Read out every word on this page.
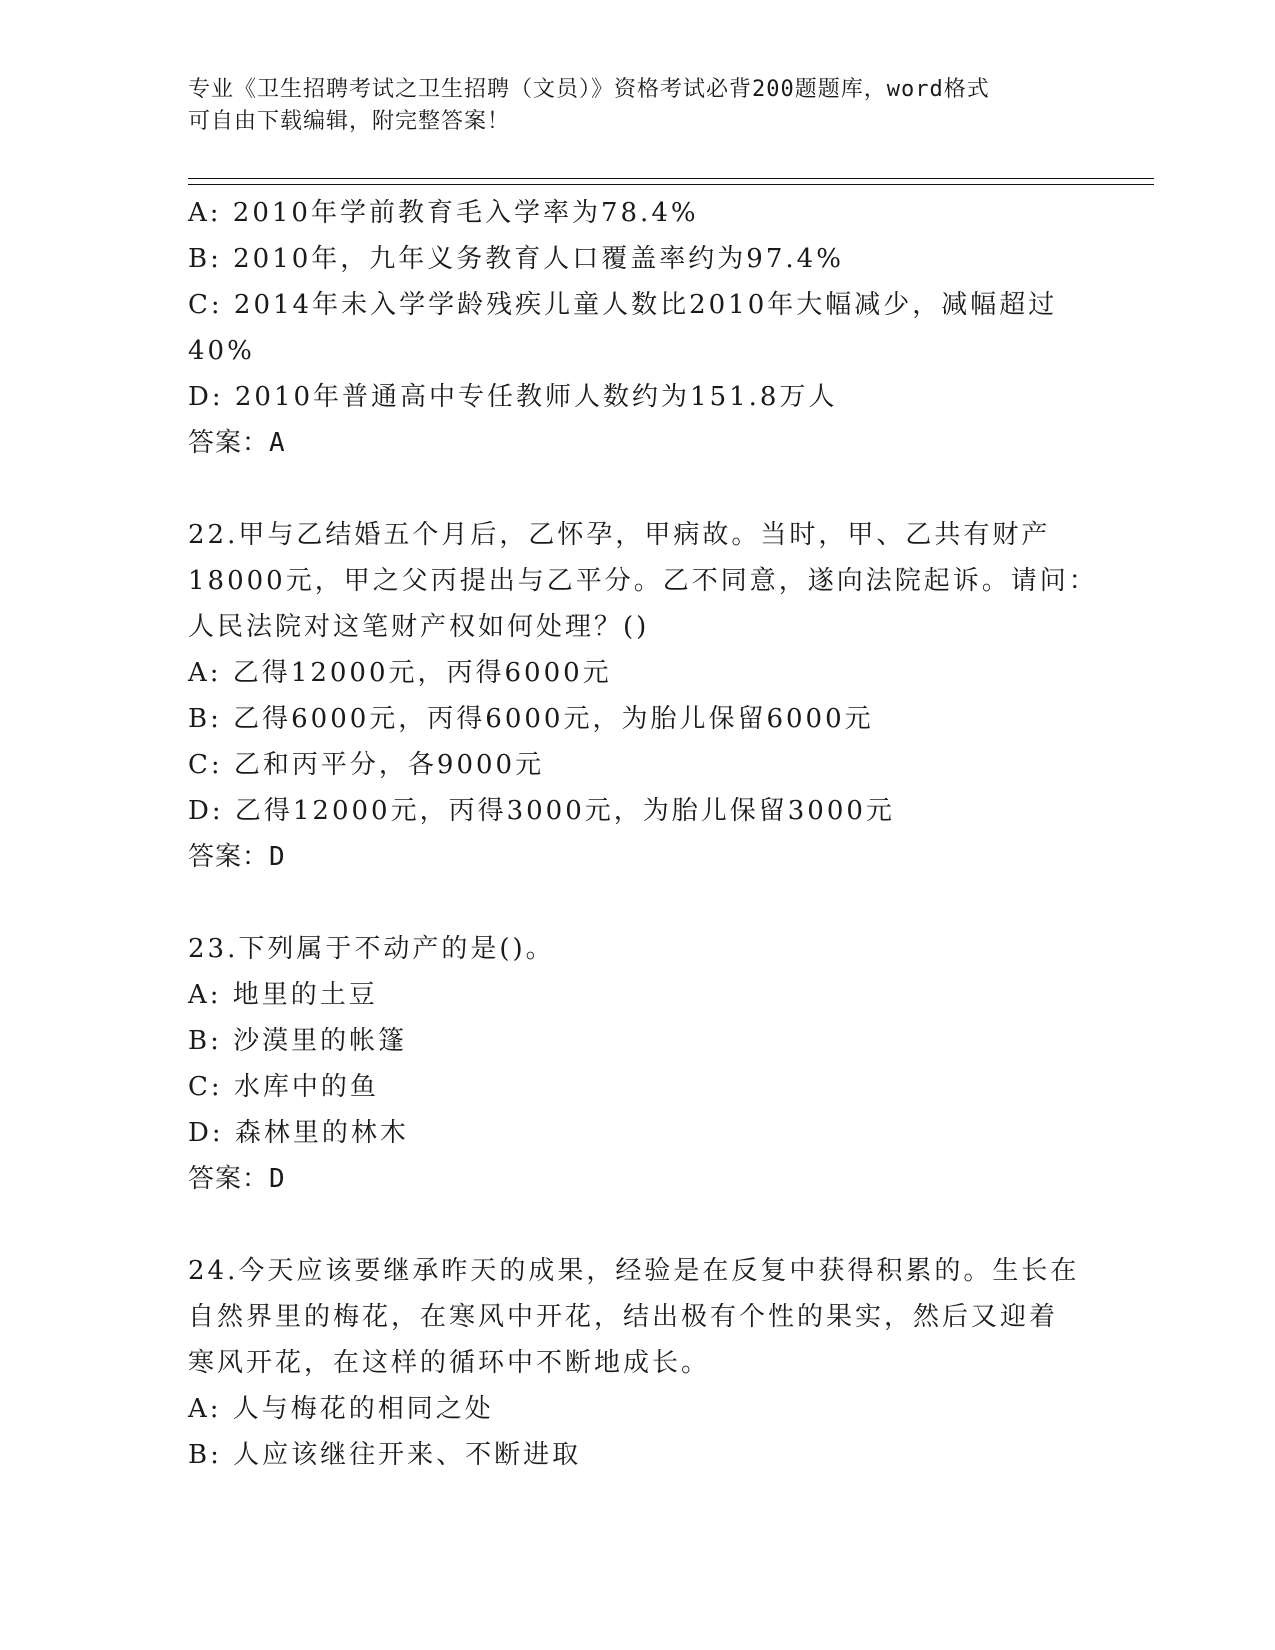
专业《卫生招聘考试之卫生招聘（文员）》资格考试必背200题题库，word格式
可自由下载编辑，附完整答案！
A: 2010年学前教育毛入学率为78.4%
B: 2010年，九年义务教育人口覆盖率约为97.4%
C: 2014年未入学学龄残疾儿童人数比2010年大幅减少，减幅超过
40%
D: 2010年普通高中专任教师人数约为151.8万人
答案：A
22.甲与乙结婚五个月后，乙怀孕，甲病故。当时，甲、乙共有财产
18000元，甲之父丙提出与乙平分。乙不同意，遂向法院起诉。请问：
人民法院对这笔财产权如何处理？()
A: 乙得12000元，丙得6000元
B: 乙得6000元，丙得6000元，为胎儿保留6000元
C: 乙和丙平分，各9000元
D: 乙得12000元，丙得3000元，为胎儿保留3000元
答案：D
23.下列属于不动产的是()。
A: 地里的土豆
B: 沙漠里的帐篷
C: 水库中的鱼
D: 森林里的林木
答案：D
24.今天应该要继承昨天的成果，经验是在反复中获得积累的。生长在
自然界里的梅花，在寒风中开花，结出极有个性的果实，然后又迎着
寒风开花，在这样的循环中不断地成长。
A: 人与梅花的相同之处
B: 人应该继往开来、不断进取
